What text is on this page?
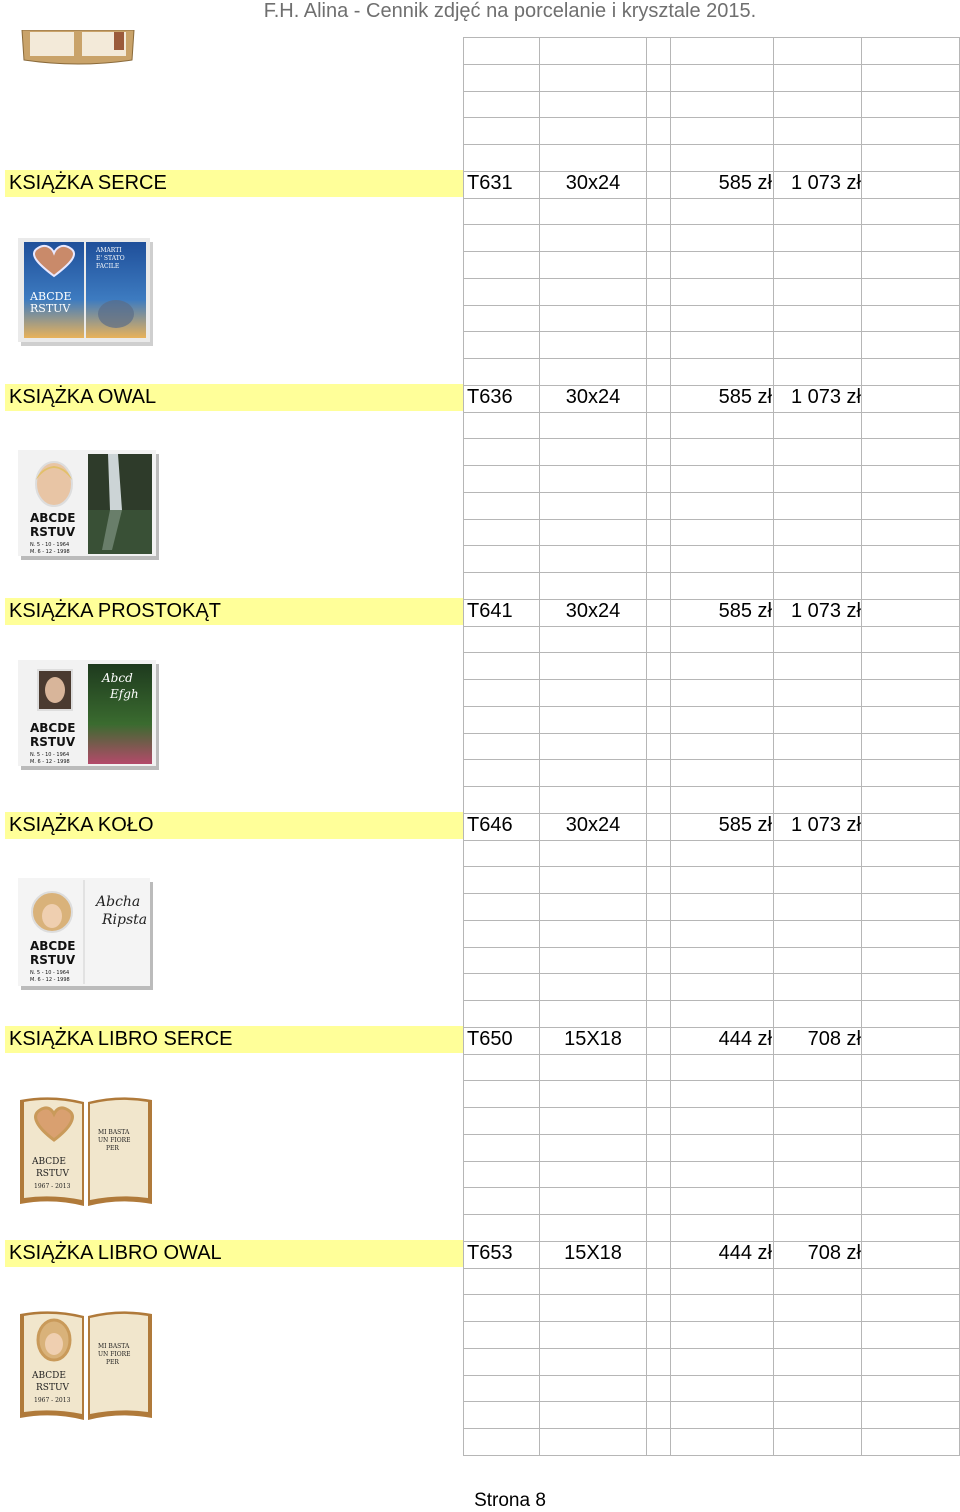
F.H. Alina - Cennik zdjęć na porcelanie i krysztale 2015.
KSIĄŻKA SERCE	T631	30x24	585 zł 1 073 zł
KSIĄŻKA OWAL	T636	30x24	585 zł 1 073 zł
KSIĄŻKA PROSTOKĄT	T641	30x24	585 zł 1 073 zł
KSIĄŻKA KOŁO	T646	30x24	585 zł 1 073 zł
KSIĄŻKA LIBRO SERCE	T650	15X18	444 zł	708 zł
KSIĄŻKA LIBRO OWAL	T653	15X18	444 zł	708 zł
ABCDE
RSTUV
AMARTI
E' STATO
FACILE
ABCDE
RSTUV
N. 5 - 10 - 1964
M. 6 - 12 - 1998
Abcd
Efgh
ABCDE
RSTUV
N. 5 - 10 - 1964
M. 6 - 12 - 1998
Abcha
Ripsta
ABCDE
RSTUV
N. 5 - 10 - 1964
M. 6 - 12 - 1998
ABCDE
RSTUV
1967 - 2013
MI BASTA
UN FIORE
PER
ABCDE
RSTUV
1967 - 2013
MI BASTA
UN FIORE
PER
Strona 8
